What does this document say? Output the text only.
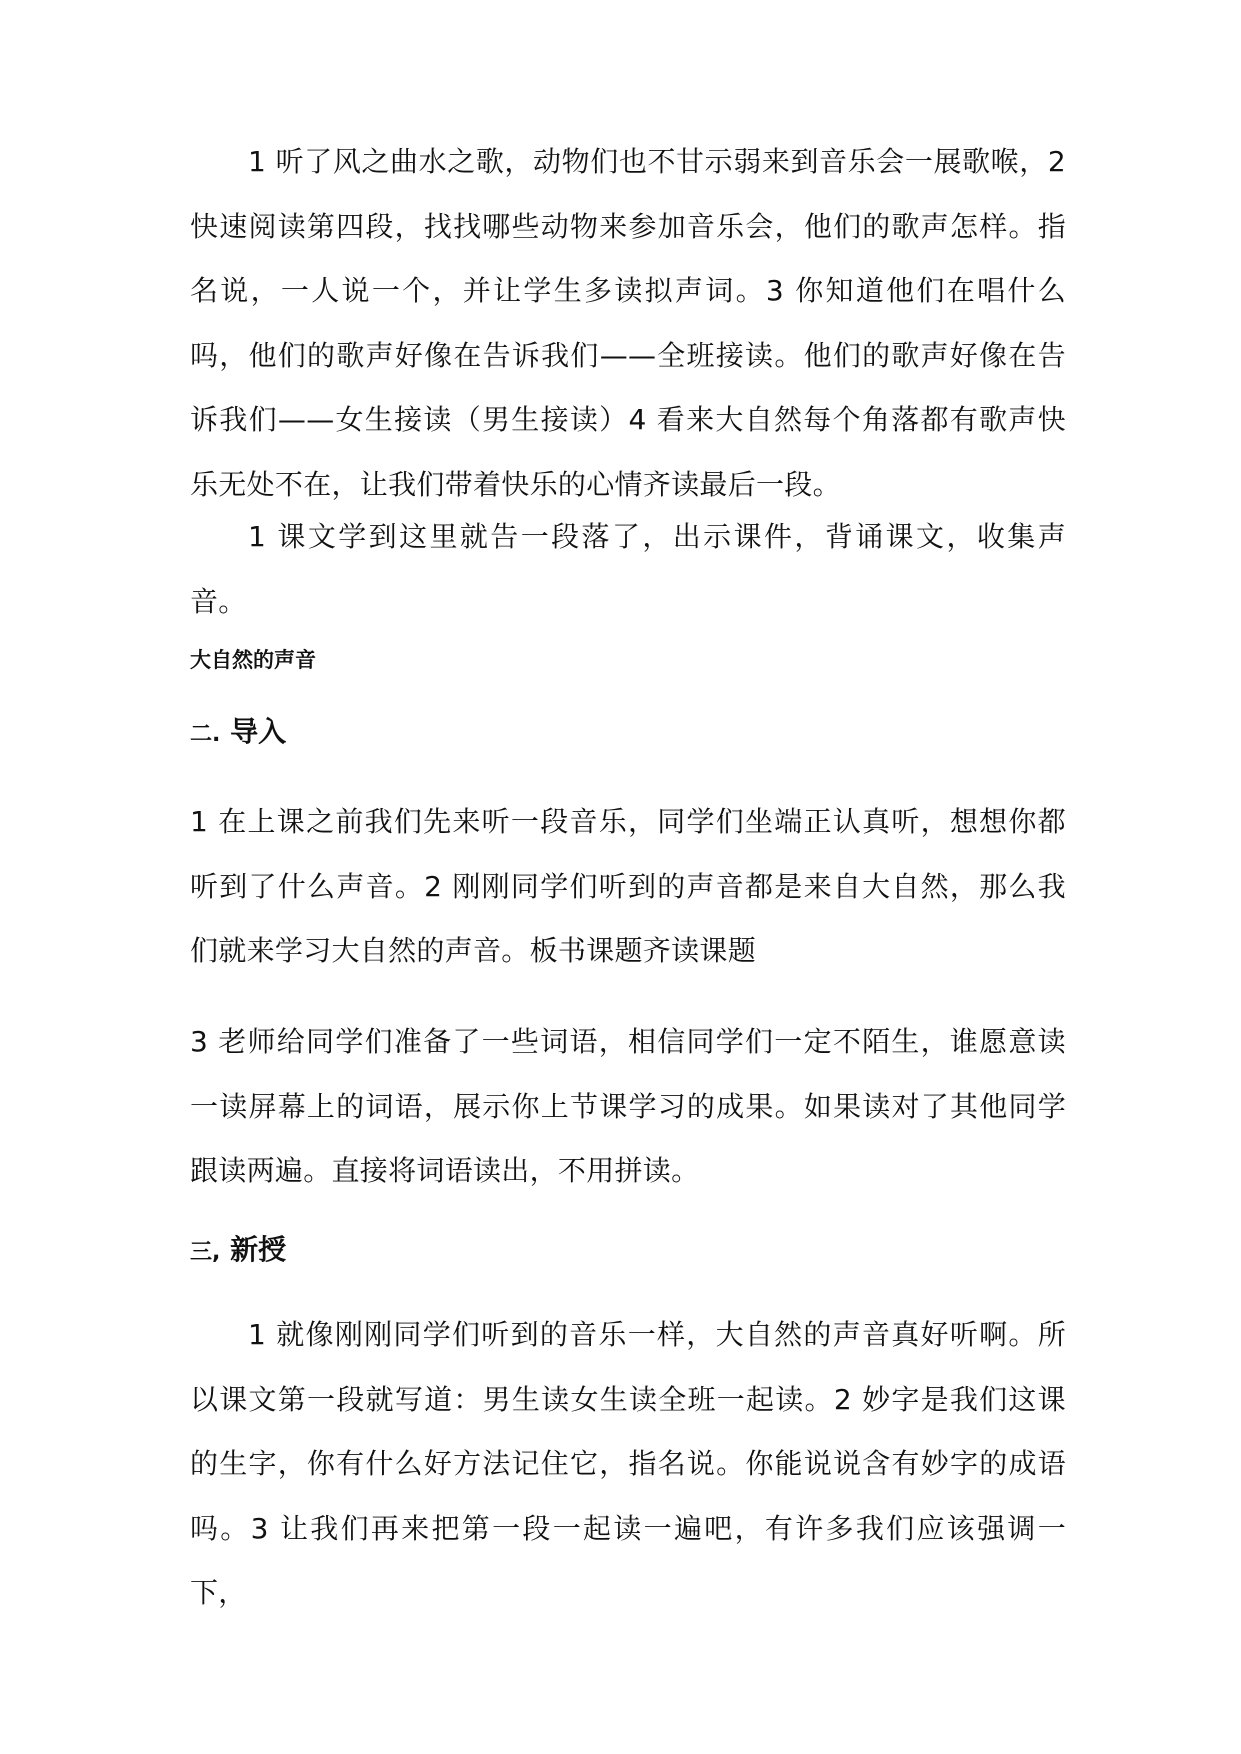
1 听了风之曲水之歌，动物们也不甘示弱来到音乐会一展歌喉，2 快速阅读第四段，找找哪些动物来参加音乐会，他们的歌声怎样。指名说，一人说一个，并让学生多读拟声词。3 你知道他们在唱什么吗，他们的歌声好像在告诉我们——全班接读。他们的歌声好像在告诉我们——女生接读（男生接读）4 看来大自然每个角落都有歌声快乐无处不在，让我们带着快乐的心情齐读最后一段。

1 课文学到这里就告一段落了，出示课件，背诵课文，收集声音。

大自然的声音
二. 导入

1 在上课之前我们先来听一段音乐，同学们坐端正认真听，想想你都听到了什么声音。2 刚刚同学们听到的声音都是来自大自然，那么我们就来学习大自然的声音。板书课题齐读课题

3 老师给同学们准备了一些词语，相信同学们一定不陌生，谁愿意读一读屏幕上的词语，展示你上节课学习的成果。如果读对了其他同学跟读两遍。直接将词语读出，不用拼读。

三, 新授

1 就像刚刚同学们听到的音乐一样，大自然的声音真好听啊。所以课文第一段就写道：男生读女生读全班一起读。2 妙字是我们这课的生字，你有什么好方法记住它，指名说。你能说说含有妙字的成语吗。3 让我们再来把第一段一起读一遍吧，有许多我们应该强调一下，
